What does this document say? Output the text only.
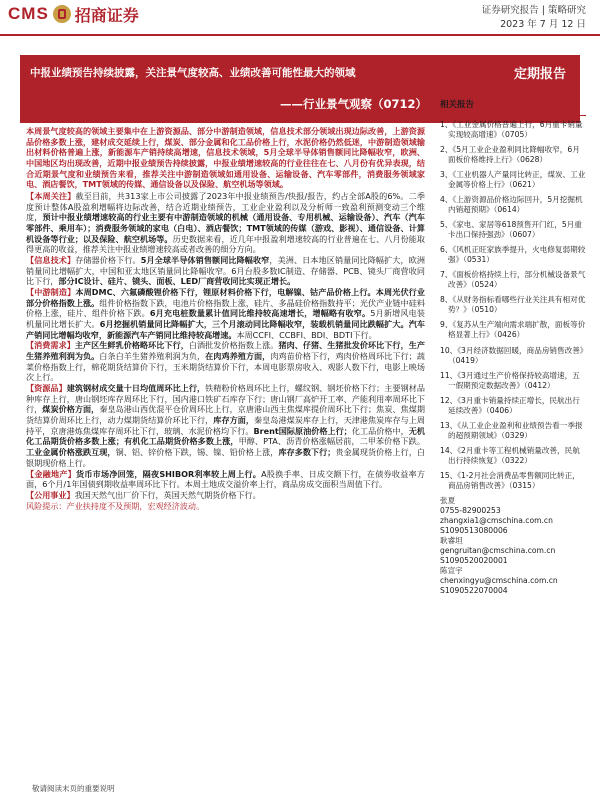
CMS 招商证券	证券研究报告 | 策略研究
2023 年 7 月 12 日
中报业绩预告持续披露，关注景气度较高、业绩改善可能性最大的领域
——行业景气观察（0712）
定期报告

本周景气度较高的领域主要集中在上游资源品、部分中游制造领域，信息技术部分领域出现边际改善，上游资源品价格多数上涨，建材成交延续上行，煤炭、部分金属和化工品价格上行，水泥价格仍然低迷，中游制造领域输出材料价格普遍上涨，新能源车产销持续高增速，信息技术领域，5月全球半导体销售额同比降幅收窄，欧洲、中国地区均出现改善，近期中报业绩预告持续披露，中报业绩增速较高的行业往往在七、八月份有优异表现，结合近期景气度和业绩预告来看，推荐关注中游制造领域如通用设备、运输设备、汽车零部件，消费服务领域家电、酒店餐饮，TMT领域的传媒、通信设备以及保险、航空机场等领域。

【本周关注】截至目前，共313家上市公司披露了2023年中报业绩预告/快报/报告，约占全部A股的6%。二季度预计整体A股盈利增幅将边际改善，结合近期业绩预告，工业企业盈利以及分析师一致盈利预测变动三个维度，预计中报业绩增速较高的行业主要有中游制造领域的机械（通用设备、专用机械、运输设备）、汽车（汽车零部件、乘用车）；消费服务领域的家电（白电）、酒店餐饮；TMT领域的传媒（游戏、影视）、通信设备、计算机设备等行业；以及保险、航空机场等。历史数据来看，近几年中报盈利增速较高的行业普遍在七、八月份能取得更高的收益，推荐关注中报业绩增速较高或者改善的细分方向。

【信息技术】存储器价格下行。5月全球半导体销售额同比降幅收窄，美洲、日本地区销量同比降幅扩大，欧洲销量同比增幅扩大，中国和亚太地区销量同比降幅收窄。6月台股多数IC制造、存储器、PCB、镜头厂商营收同比下行，部分IC设计、硅片、镜头、面板、LED厂商营收同比实现正增长。

【中游制造】本周DMC、六氟磷酸锂价格下行，锂原材料价格下行，电解镍、钴产品价格上行。本周光伏行业部分价格指数上涨。组件价格指数下跌，电池片价格指数上涨，硅片、多晶硅价格指数持平；光伏产业链中硅料价格上涨，硅片、组件价格下跌。6月充电桩数量累计值同比维持较高速增长，增幅略有收窄。5月新增风电装机量同比增长扩大。6月挖掘机销量同比降幅扩大，三个月滚动同比降幅收窄，装载机销量同比跌幅扩大。汽车产销同比增幅均收窄，新能源汽车产销同比维持较高增速。本周CCFI、CCBFI、BDI、BDTI下行。

【消费需求】主产区生鲜乳价格略环比下行，白酒批发价格指数上涨。猪肉、仔猪、生猪批发价环比下行，生产生猪养殖利润为负。白条白羊生猪养殖利润为负，在肉鸡养殖方面，肉鸡苗价格下行，鸡肉价格周环比下行；蔬菜价格指数上行，棉花期货结算价下行，玉米期货结算价下行，本周电影票房收入、观影人数下行，电影上映场次上行。

【资源品】建筑钢材成交量十日均值周环比上行，铁精粉价格周环比上行，螺纹钢、钢坯价格下行；主要钢材品种库存上行，唐山钢坯库存周环比下行，国内港口铁矿石库存下行；唐山钢厂高炉开工率、产能利用率周环比下行，煤炭价格方面，秦皇岛港山西优混平仓价周环比上行，京唐港山西主焦煤库提价周环比下行；焦炭、焦煤期货结算价周环比上行，动力煤期货结算价环比下行，库存方面，秦皇岛港煤炭库存上行，天津港焦炭库存与上周持平，京唐港炼焦煤库存周环比下行，玻璃、水泥价格均下行。Brent国际原油价格上行；化工品价格中，无机化工品期货价格多数上涨；有机化工品期货价格多数上涨，甲醇、PTA、沥青价格涨幅居前，二甲苯价格下跌。工业金属价格涨跌互现，铜、铝、锌价格下跌，锡、镍、铅价格上涨，库存多数下行；贵金属现货价格上行，白银期现价格上行。

【金融地产】货币市场净回笼，隔夜SHIBOR利率较上周上行。A股换手率、日成交额下行，在债券收益率方面，6个月/1年国债到期收益率周环比下行。本周土地成交溢价率上行，商品房成交面积当周值下行。

【公用事业】我国天然气出厂价下行，英国天然气期货价格下行。

风险提示：产业扶持度不及预期，宏观经济波动。

相关报告
1、《工业金属价格普遍上行，6月重卡销量实现较高增速》（0705）
2、《5月工业企业盈利同比降幅收窄，6月面板价格维持上行》（0628）
3、《工业机器人产量同比转正，煤炭、工业金属等价格上行》（0621）
4、《上游资源品价格边际回升，5月挖掘机内销超预期》（0614）
5、《家电、家居等618预售开门红，5月重卡出口保持强劲》（0607）
6、《风机正旺家族季提升，火电修复弱期较强》（0531）
7、《面板价格持续上行，部分机械设备景气改善》（0524）
8、《从财务指标看哪些行业关注具有相对优势？》（0510）
9、《复苏从生产端向需求端扩散，面板等价格显著上行》（0426）
10、《3月经济数据回暖，商品房销售改善》（0419）
11、《3月通过生产价格保持较高增速，五一假期预定数据改善》（0412）
12、《3月重卡销量持续正增长，民航出行延续改善》（0406）
13、《从工业企业盈利和业绩预告看一季报的超预期领域》（0329）
14、《2月重卡等工程机械销量改善，民航出行持续恢复》（0322）
15、《1-2月社会消费品零售额同比转正，商品房销售改善》（0315）
张夏
0755-82900253
zhangxia1@cmschina.com.cn
S1090513080006
耿睿坦
gengruitan@cmschina.com.cn
S1090520020001
陈宣宇
chenxingyu@cmschina.com.cn
S1090522070004
敬请阅读末页的重要说明
